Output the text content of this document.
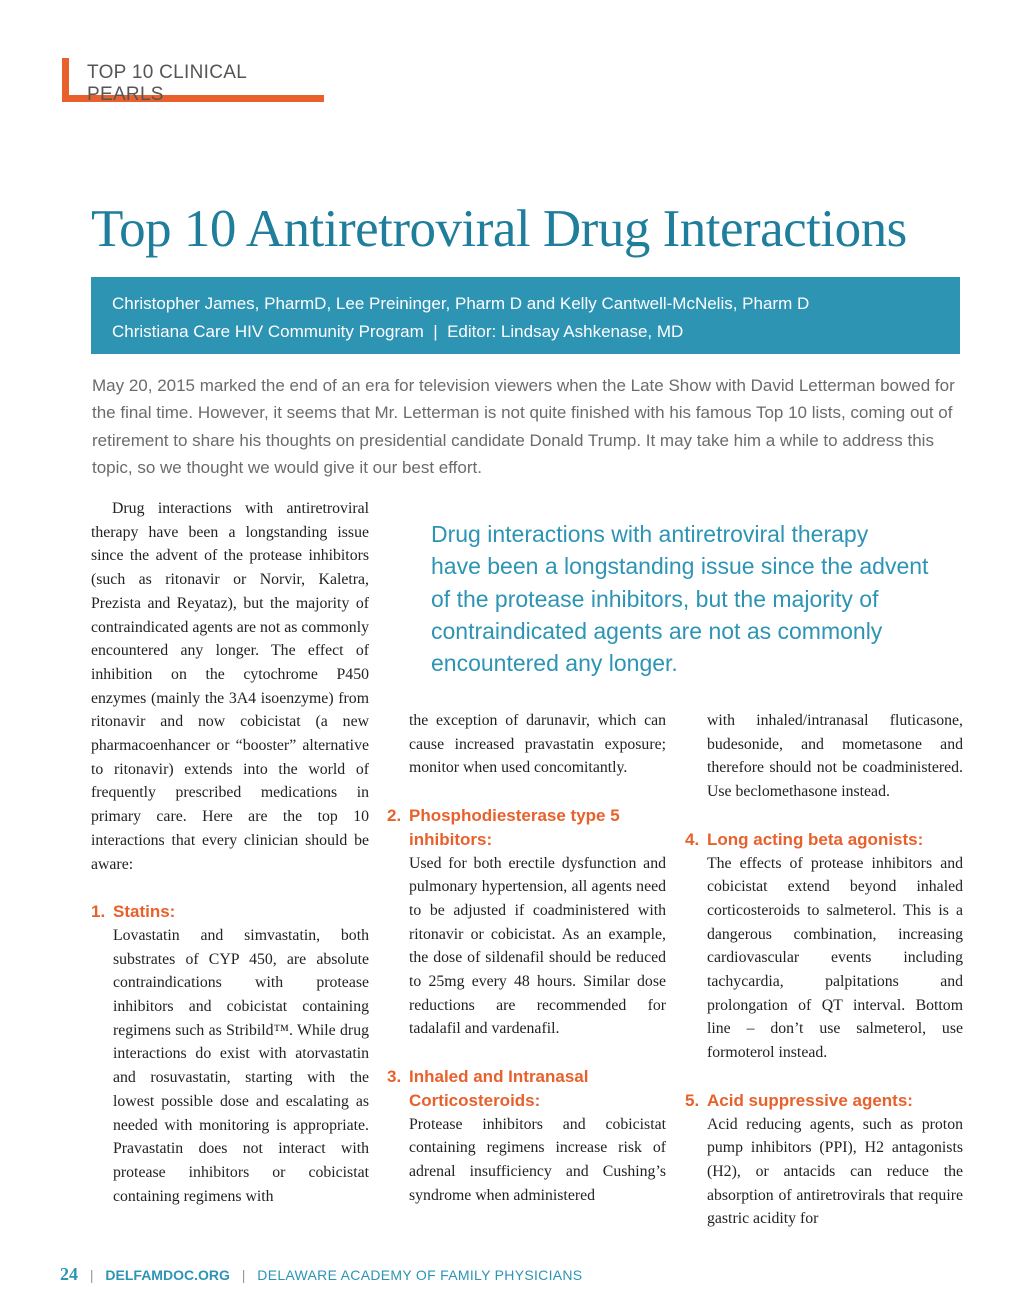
TOP 10 CLINICAL PEARLS
Top 10 Antiretroviral Drug Interactions
Christopher James, PharmD, Lee Preininger, Pharm D and Kelly Cantwell-McNelis, Pharm D
Christiana Care HIV Community Program  |  Editor: Lindsay Ashkenase, MD

May 20, 2015 marked the end of an era for television viewers when the Late Show with David Letterman bowed for the final time. However, it seems that Mr. Letterman is not quite finished with his famous Top 10 lists, coming out of retirement to share his thoughts on presidential candidate Donald Trump. It may take him a while to address this topic, so we thought we would give it our best effort.

Drug interactions with antiretroviral therapy
have been a longstanding issue since the advent
of the protease inhibitors, but the majority of
contraindicated agents are not as commonly
encountered any longer.

Drug interactions with antiretroviral therapy have been a longstanding issue since the advent of the protease inhibitors (such as ritonavir or Norvir, Kaletra, Prezista and Reyataz), but the majority of contraindicated agents are not as commonly encountered any longer. The effect of inhibition on the cytochrome P450 enzymes (mainly the 3A4 isoenzyme) from ritonavir and now cobicistat (a new pharmacoenhancer or “booster” alternative to ritonavir) extends into the world of frequently prescribed medications in primary care. Here are the top 10 interactions that every clinician should be aware:

1. Statins:

Lovastatin and simvastatin, both substrates of CYP 450, are absolute contraindications with protease inhibitors and cobicistat containing regimens such as Stribild™. While drug interactions do exist with atorvastatin and rosuvastatin, starting with the lowest possible dose and escalating as needed with monitoring is appropriate. Pravastatin does not interact with protease inhibitors or cobicistat containing regimens with

the exception of darunavir, which can cause increased pravastatin exposure; monitor when used concomitantly.

2. Phosphodiesterase type 5 inhibitors:

Used for both erectile dysfunction and pulmonary hypertension, all agents need to be adjusted if coadministered with ritonavir or cobicistat. As an example, the dose of sildenafil should be reduced to 25mg every 48 hours. Similar dose reductions are recommended for tadalafil and vardenafil.

3. Inhaled and Intranasal Corticosteroids:

Protease inhibitors and cobicistat containing regimens increase risk of adrenal insufficiency and Cushing’s syndrome when administered

with inhaled/intranasal fluticasone, budesonide, and mometasone and therefore should not be coadministered. Use beclomethasone instead.

4. Long acting beta agonists:

The effects of protease inhibitors and cobicistat extend beyond inhaled corticosteroids to salmeterol. This is a dangerous combination, increasing cardiovascular events including tachycardia, palpitations and prolongation of QT interval. Bottom line – don’t use salmeterol, use formoterol instead.

5. Acid suppressive agents:

Acid reducing agents, such as proton pump inhibitors (PPI), H2 antagonists (H2), or antacids can reduce the absorption of antiretrovirals that require gastric acidity for

24 | DELFAMDOC.ORG | DELAWARE ACADEMY OF FAMILY PHYSICIANS
